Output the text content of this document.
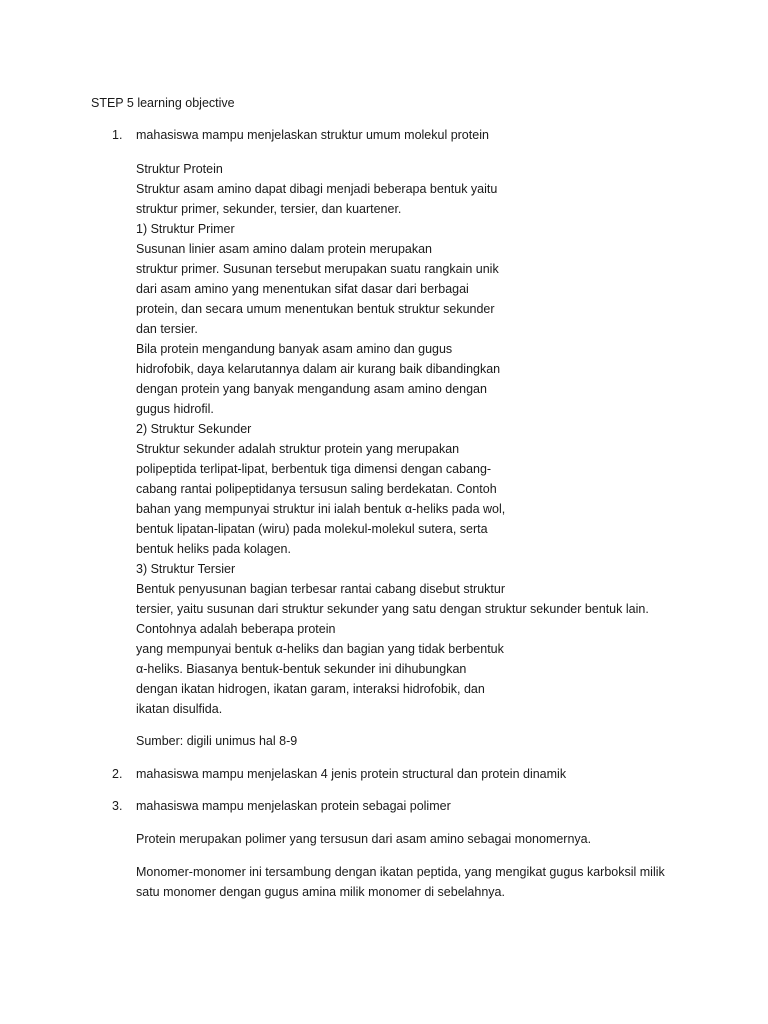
STEP 5 learning objective
1. mahasiswa mampu menjelaskan struktur umum molekul protein
Struktur Protein
Struktur asam amino dapat dibagi menjadi beberapa bentuk yaitu
struktur primer, sekunder, tersier, dan kuartener.
1) Struktur Primer
Susunan linier asam amino dalam protein merupakan
struktur primer. Susunan tersebut merupakan suatu rangkain unik
dari asam amino yang menentukan sifat dasar dari berbagai
protein, dan secara umum menentukan bentuk struktur sekunder
dan tersier.
Bila protein mengandung banyak asam amino dan gugus
hidrofobik, daya kelarutannya dalam air kurang baik dibandingkan
dengan protein yang banyak mengandung asam amino dengan
gugus hidrofil.
2) Struktur Sekunder
Struktur sekunder adalah struktur protein yang merupakan
polipeptida terlipat-lipat, berbentuk tiga dimensi dengan cabang-
cabang rantai polipeptidanya tersusun saling berdekatan. Contoh
bahan yang mempunyai struktur ini ialah bentuk α-heliks pada wol,
bentuk lipatan-lipatan (wiru) pada molekul-molekul sutera, serta
bentuk heliks pada kolagen.
3) Struktur Tersier
Bentuk penyusunan bagian terbesar rantai cabang disebut struktur
tersier, yaitu susunan dari struktur sekunder yang satu dengan struktur sekunder bentuk lain.
Contohnya adalah beberapa protein
yang mempunyai bentuk α-heliks dan bagian yang tidak berbentuk
α-heliks. Biasanya bentuk-bentuk sekunder ini dihubungkan
dengan ikatan hidrogen, ikatan garam, interaksi hidrofobik, dan
ikatan disulfida.
Sumber: digili unimus hal 8-9
2. mahasiswa mampu menjelaskan 4 jenis protein structural dan protein dinamik
3. mahasiswa mampu menjelaskan protein sebagai polimer
Protein merupakan polimer yang tersusun dari asam amino sebagai monomernya.
Monomer-monomer ini tersambung dengan ikatan peptida, yang mengikat gugus karboksil milik
satu monomer dengan gugus amina milik monomer di sebelahnya.
